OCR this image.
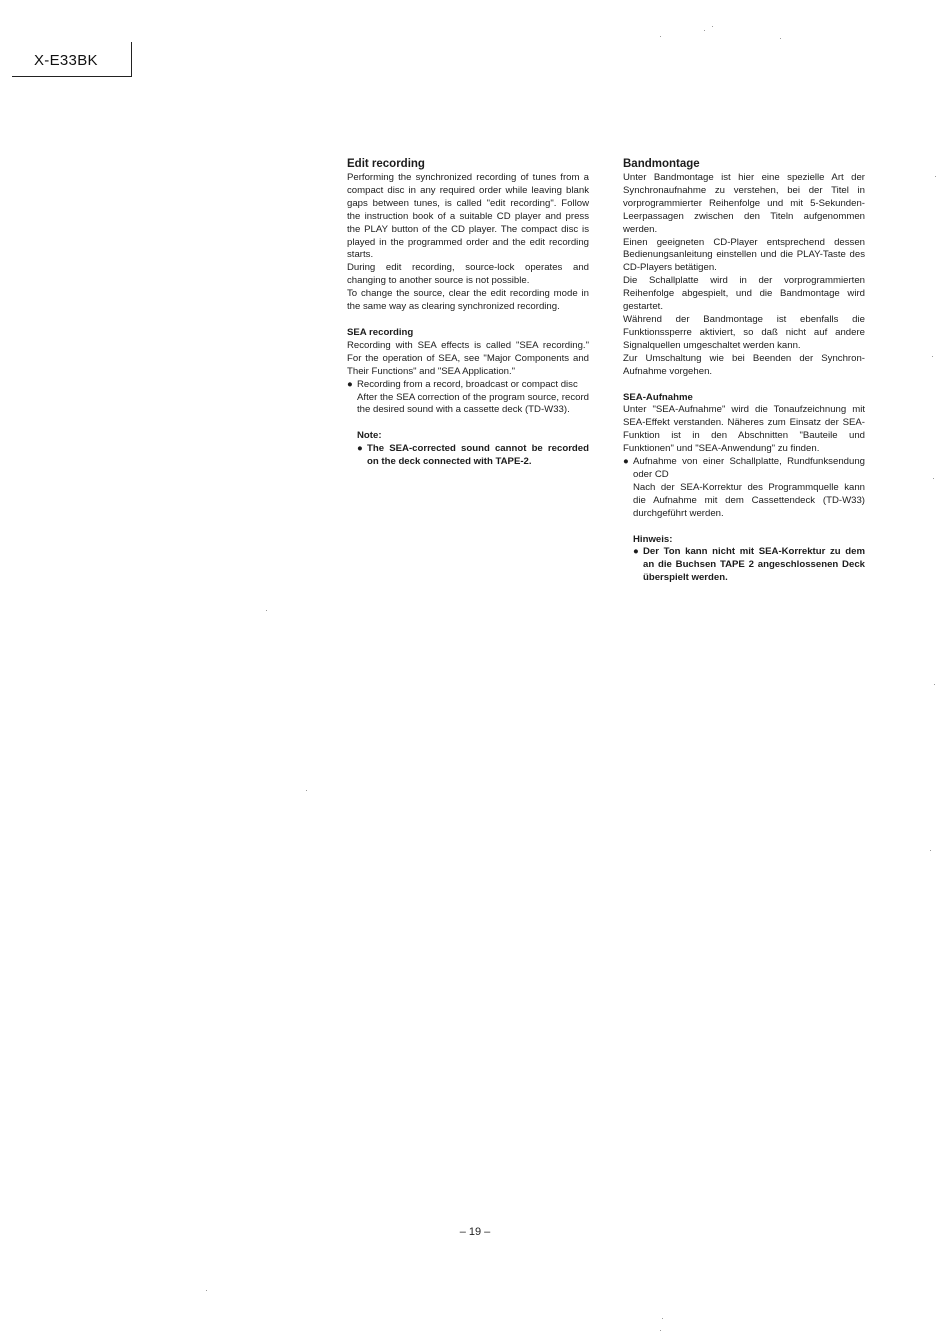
X-E33BK
Edit recording

Performing the synchronized recording of tunes from a compact disc in any required order while leaving blank gaps between tunes, is called "edit recording". Follow the instruction book of a suitable CD player and press the PLAY button of the CD player. The compact disc is played in the programmed order and the edit recording starts.

During edit recording, source-lock operates and changing to another source is not possible.

To change the source, clear the edit recording mode in the same way as clearing synchronized recording.

SEA recording

Recording with SEA effects is called "SEA recording." For the operation of SEA, see "Major Components and Their Functions" and "SEA Application."

● Recording from a record, broadcast or compact disc

After the SEA correction of the program source, record the desired sound with a cassette deck (TD-W33).

Note:

● The SEA-corrected sound cannot be recorded on the deck connected with TAPE-2.

Bandmontage

Unter Bandmontage ist hier eine spezielle Art der Synchronaufnahme zu verstehen, bei der Titel in vorprogrammierter Reihenfolge und mit 5-Sekunden-Leerpassagen zwischen den Titeln aufgenommen werden.

Einen geeigneten CD-Player entsprechend dessen Bedienungsanleitung einstellen und die PLAY-Taste des CD-Players betätigen.

Die Schallplatte wird in der vorprogrammierten Reihenfolge abgespielt, und die Bandmontage wird gestartet.

Während der Bandmontage ist ebenfalls die Funktionssperre aktiviert, so daß nicht auf andere Signalquellen umgeschaltet werden kann.

Zur Umschaltung wie bei Beenden der Synchron-Aufnahme vorgehen.

SEA-Aufnahme

Unter "SEA-Aufnahme" wird die Tonaufzeichnung mit SEA-Effekt verstanden. Näheres zum Einsatz der SEA-Funktion ist in den Abschnitten "Bauteile und Funktionen" und "SEA-Anwendung" zu finden.

● Aufnahme von einer Schallplatte, Rundfunksendung oder CD

Nach der SEA-Korrektur des Programmquelle kann die Aufnahme mit dem Cassettendeck (TD-W33) durchgeführt werden.

Hinweis:

● Der Ton kann nicht mit SEA-Korrektur zu dem an die Buchsen TAPE 2 angeschlossenen Deck überspielt werden.

– 19 –
